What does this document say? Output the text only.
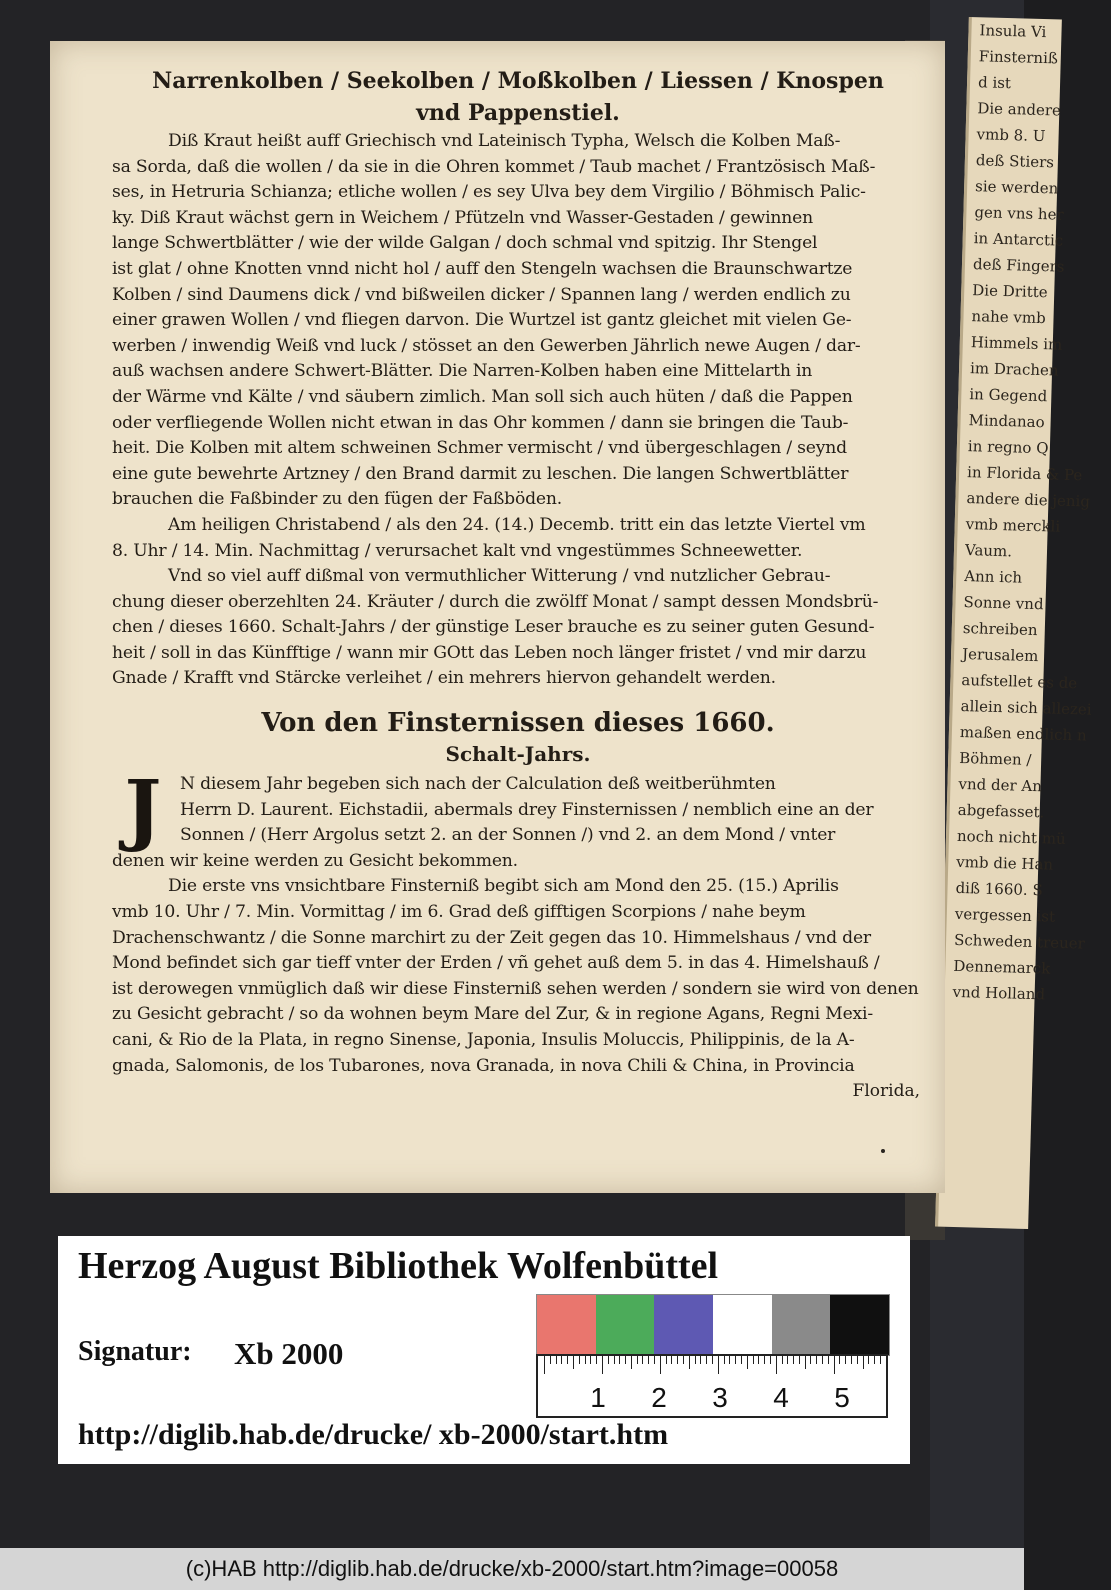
Insula Vi
Finsterniß
d ist
Die andere
vmb 8. U
deß Stiers
sie werden
gen vns her
in Antarctic
deß Fingers
Die Dritte
nahe vmb
Himmels im
im Drachen
in Gegend
Mindanao
in regno Q
in Florida & Pe
andere die jenig
vmb merckli
Vaum.
Ann ich
Sonne vnd
schreiben
Jerusalem
aufstellet es de
allein sich allezei
maßen endlich n
Böhmen /
vnd der An
abgefasset.
noch nicht mü
vmb die Han
diß 1660. S
vergessen ist
Schweden treuer
Dennemarck
vnd Holland
Narrenkolben / Seekolben / Moßkolben / Liessen / Knospen
vnd Pappenstiel.
Diß Kraut heißt auff Griechisch vnd Lateinisch Typha, Welsch die Kolben Maß-
sa Sorda, daß die wollen / da sie in die Ohren kommet / Taub machet / Frantzösisch Maß-
ses, in Hetruria Schianza; etliche wollen / es sey Ulva bey dem Virgilio / Böhmisch Palic-
ky. Diß Kraut wächst gern in Weichem / Pfützeln vnd Wasser-Gestaden / gewinnen
lange Schwertblätter / wie der wilde Galgan / doch schmal vnd spitzig. Ihr Stengel
ist glat / ohne Knotten vnnd nicht hol / auff den Stengeln wachsen die Braunschwartze
Kolben / sind Daumens dick / vnd bißweilen dicker / Spannen lang / werden endlich zu
einer grawen Wollen / vnd fliegen darvon. Die Wurtzel ist gantz gleichet mit vielen Ge-
werben / inwendig Weiß vnd luck / stösset an den Gewerben Jährlich newe Augen / dar-
auß wachsen andere Schwert-Blätter. Die Narren-Kolben haben eine Mittelarth in
der Wärme vnd Kälte / vnd säubern zimlich. Man soll sich auch hüten / daß die Pappen
oder verfliegende Wollen nicht etwan in das Ohr kommen / dann sie bringen die Taub-
heit. Die Kolben mit altem schweinen Schmer vermischt / vnd übergeschlagen / seynd
eine gute bewehrte Artzney / den Brand darmit zu leschen. Die langen Schwertblätter
brauchen die Faßbinder zu den fügen der Faßböden.
Am heiligen Christabend / als den 24. (14.) Decemb. tritt ein das letzte Viertel vm
8. Uhr / 14. Min. Nachmittag / verursachet kalt vnd vngestümmes Schneewetter.
Vnd so viel auff dißmal von vermuthlicher Witterung / vnd nutzlicher Gebrau-
chung dieser oberzehlten 24. Kräuter / durch die zwölff Monat / sampt dessen Mondsbrü-
chen / dieses 1660. Schalt-Jahrs / der günstige Leser brauche es zu seiner guten Gesund-
heit / soll in das Künfftige / wann mir GOtt das Leben noch länger fristet / vnd mir darzu
Gnade / Krafft vnd Stärcke verleihet / ein mehrers hiervon gehandelt werden.
Von den Finsternissen dieses 1660.
Schalt-Jahrs.
J	N diesem Jahr begeben sich nach der Calculation deß weitberühmten
Herrn D. Laurent. Eichstadii, abermals drey Finsternissen / nemblich eine an der
Sonnen / (Herr Argolus setzt 2. an der Sonnen /) vnd 2. an dem Mond / vnter
denen wir keine werden zu Gesicht bekommen.
Die erste vns vnsichtbare Finsterniß begibt sich am Mond den 25. (15.) Aprilis
vmb 10. Uhr / 7. Min. Vormittag / im 6. Grad deß gifftigen Scorpions / nahe beym
Drachenschwantz / die Sonne marchirt zu der Zeit gegen das 10. Himmelshaus / vnd der
Mond befindet sich gar tieff vnter der Erden / vñ gehet auß dem 5. in das 4. Himelshauß /
ist derowegen vnmüglich daß wir diese Finsterniß sehen werden / sondern sie wird von denen
zu Gesicht gebracht / so da wohnen beym Mare del Zur, & in regione Agans, Regni Mexi-
cani, & Rio de la Plata, in regno Sinense, Japonia, Insulis Moluccis, Philippinis, de la A-
gnada, Salomonis, de los Tubarones, nova Granada, in nova Chili & China, in Provincia
Florida,
Herzog August Bibliothek Wolfenbüttel
1 2 3 4 5
Signatur: Xb 2000
http://diglib.hab.de/drucke/ xb-2000/start.htm
(c)HAB http://diglib.hab.de/drucke/xb-2000/start.htm?image=00058
